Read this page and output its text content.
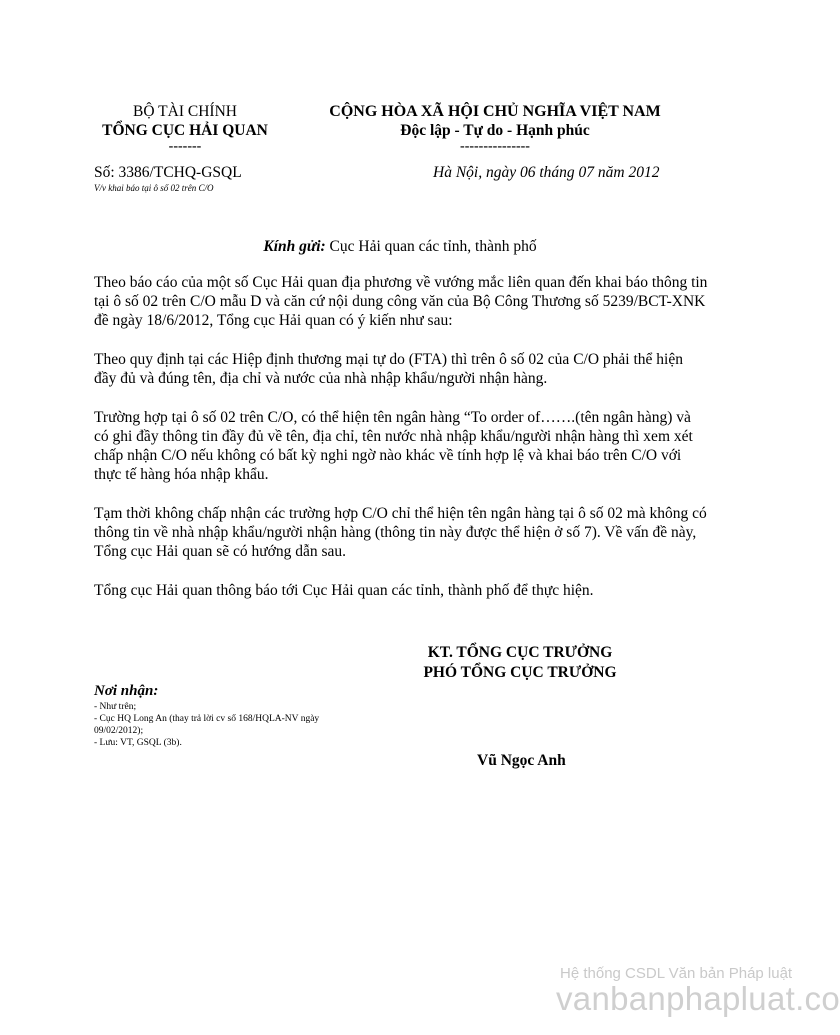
BỘ TÀI CHÍNH
TỔNG CỤC HẢI QUAN
-------
CỘNG HÒA XÃ HỘI CHỦ NGHĨA VIỆT NAM
Độc lập - Tự do - Hạnh phúc
---------------
Số: 3386/TCHQ-GSQL
V/v khai báo tại ô số 02 trên C/O
Hà Nội, ngày 06 tháng 07 năm 2012
Kính gửi: Cục Hải quan các tỉnh, thành phố

Theo báo cáo của một số Cục Hải quan địa phương về vướng mắc liên quan đến khai báo thông tin tại ô số 02 trên C/O mẫu D và căn cứ nội dung công văn của Bộ Công Thương số 5239/BCT-XNK đề ngày 18/6/2012, Tổng cục Hải quan có ý kiến như sau:

Theo quy định tại các Hiệp định thương mại tự do (FTA) thì trên ô số 02 của C/O phải thể hiện đầy đủ và đúng tên, địa chỉ và nước của nhà nhập khẩu/người nhận hàng.

Trường hợp tại ô số 02 trên C/O, có thể hiện tên ngân hàng “To order of…….(tên ngân hàng) và có ghi đầy thông tin đầy đủ về tên, địa chỉ, tên nước nhà nhập khẩu/người nhận hàng thì xem xét chấp nhận C/O nếu không có bất kỳ nghi ngờ nào khác về tính hợp lệ và khai báo trên C/O với thực tế hàng hóa nhập khẩu.

Tạm thời không chấp nhận các trường hợp C/O chỉ thể hiện tên ngân hàng tại ô số 02 mà không có thông tin về nhà nhập khẩu/người nhận hàng (thông tin này được thể hiện ở số 7). Về vấn đề này, Tổng cục Hải quan sẽ có hướng dẫn sau.

Tổng cục Hải quan thông báo tới Cục Hải quan các tỉnh, thành phố để thực hiện.

KT. TỔNG CỤC TRƯỞNG
PHÓ TỔNG CỤC TRƯỞNG
Vũ Ngọc Anh
Nơi nhận:
- Như trên;
- Cục HQ Long An (thay trả lời cv số 168/HQLA-NV ngày 09/02/2012);
- Lưu: VT, GSQL (3b).
Hệ thống CSDL Văn bản Pháp luật
vanbanphapluat.co
